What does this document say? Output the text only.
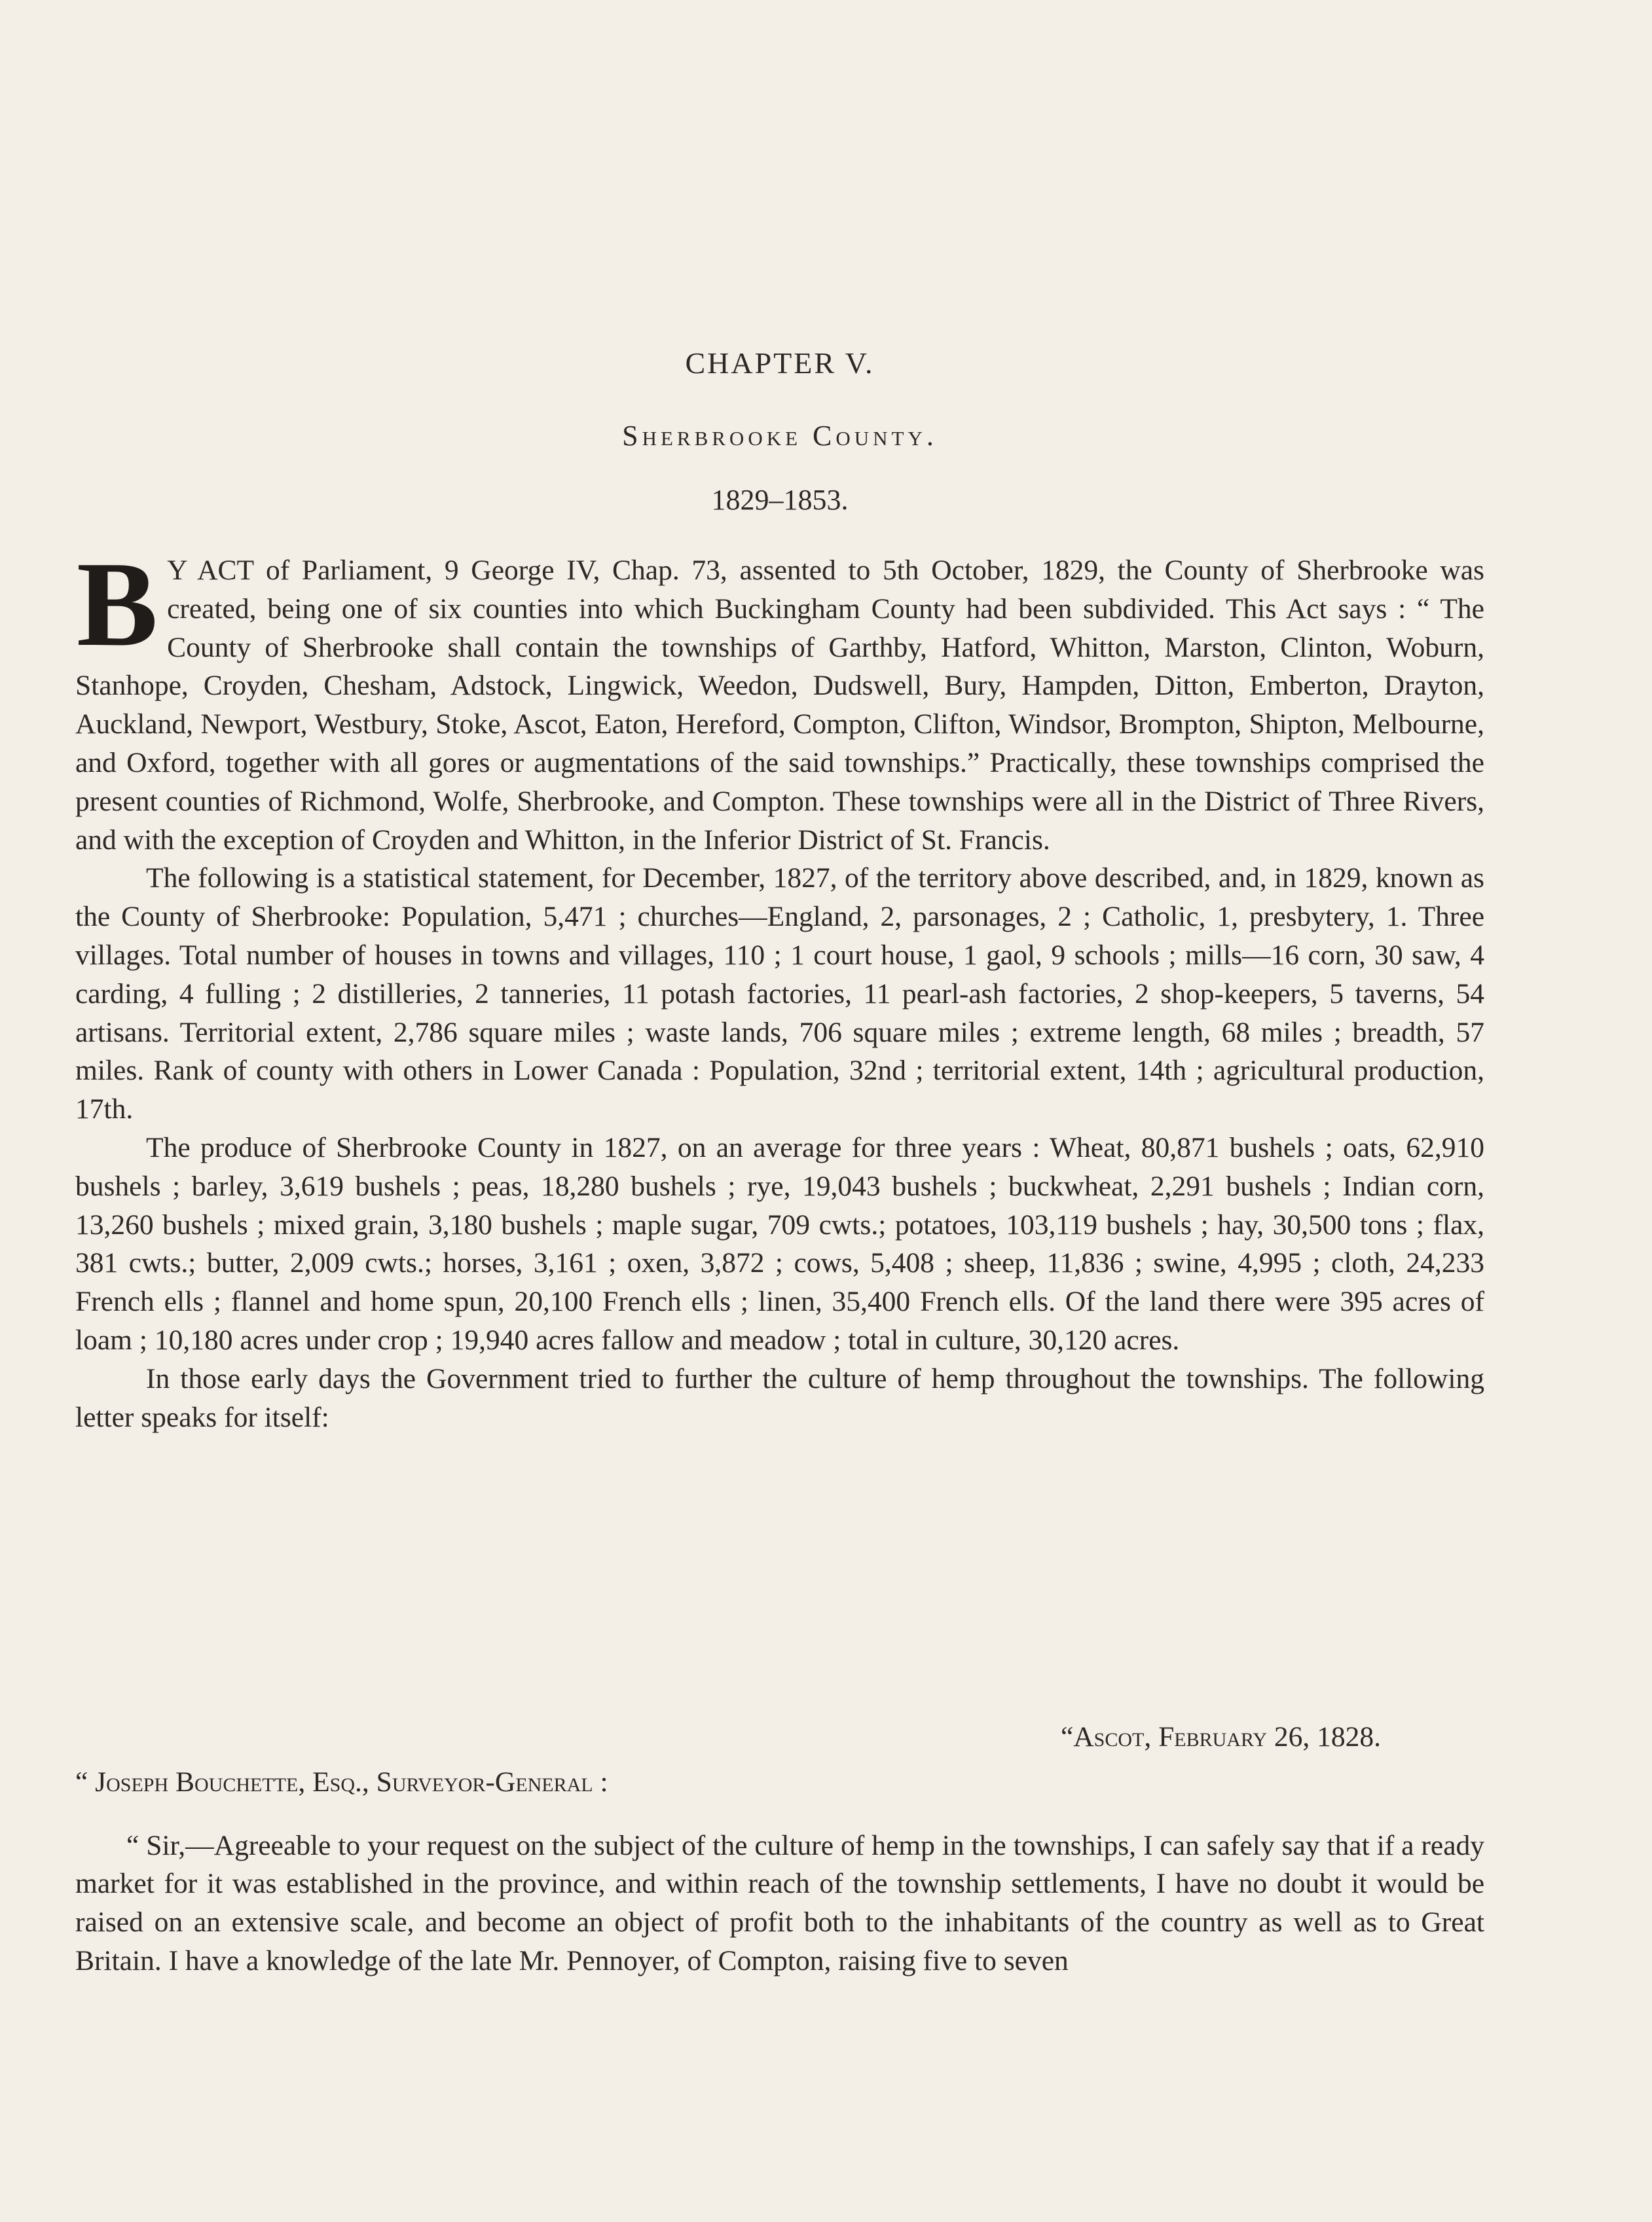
CHAPTER V.
Sherbrooke County.

1829–1853.

B Y ACT of Parliament, 9 George IV, Chap. 73, assented to 5th October, 1829, the County of Sherbrooke was created, being one of six counties into which Buckingham County had been subdivided. This Act says : “ The County of Sherbrooke shall contain the townships of Garthby, Hatford, Whitton, Marston, Clinton, Woburn, Stanhope, Croyden, Chesham, Adstock, Lingwick, Weedon, Dudswell, Bury, Hampden, Ditton, Emberton, Drayton, Auckland, Newport, Westbury, Stoke, Ascot, Eaton, Hereford, Compton, Clifton, Windsor, Brompton, Shipton, Melbourne, and Oxford, together with all gores or augmentations of the said townships.” Practically, these townships comprised the present counties of Richmond, Wolfe, Sherbrooke, and Compton. These townships were all in the District of Three Rivers, and with the exception of Croyden and Whitton, in the Inferior District of St. Francis.

The following is a statistical statement, for December, 1827, of the territory above described, and, in 1829, known as the County of Sherbrooke: Population, 5,471 ; churches—England, 2, parsonages, 2 ; Catholic, 1, presbytery, 1. Three villages. Total number of houses in towns and villages, 110 ; 1 court house, 1 gaol, 9 schools ; mills—16 corn, 30 saw, 4 carding, 4 fulling ; 2 distilleries, 2 tanneries, 11 potash factories, 11 pearl-ash factories, 2 shop-keepers, 5 taverns, 54 artisans. Territorial extent, 2,786 square miles ; waste lands, 706 square miles ; extreme length, 68 miles ; breadth, 57 miles. Rank of county with others in Lower Canada : Population, 32nd ; territorial extent, 14th ; agricultural production, 17th.

The produce of Sherbrooke County in 1827, on an average for three years : Wheat, 80,871 bushels ; oats, 62,910 bushels ; barley, 3,619 bushels ; peas, 18,280 bushels ; rye, 19,043 bushels ; buckwheat, 2,291 bushels ; Indian corn, 13,260 bushels ; mixed grain, 3,180 bushels ; maple sugar, 709 cwts.; potatoes, 103,119 bushels ; hay, 30,500 tons ; flax, 381 cwts.; butter, 2,009 cwts.; horses, 3,161 ; oxen, 3,872 ; cows, 5,408 ; sheep, 11,836 ; swine, 4,995 ; cloth, 24,233 French ells ; flannel and home spun, 20,100 French ells ; linen, 35,400 French ells. Of the land there were 395 acres of loam ; 10,180 acres under crop ; 19,940 acres fallow and meadow ; total in culture, 30,120 acres.

In those early days the Government tried to further the culture of hemp throughout the townships. The following letter speaks for itself:

“Ascot, February 26, 1828.

“ Joseph Bouchette, Esq., Surveyor-General :

“ Sir,—Agreeable to your request on the subject of the culture of hemp in the townships, I can safely say that if a ready market for it was established in the province, and within reach of the township settlements, I have no doubt it would be raised on an extensive scale, and become an object of profit both to the inhabitants of the country as well as to Great Britain. I have a knowledge of the late Mr. Pennoyer, of Compton, raising five to seven
